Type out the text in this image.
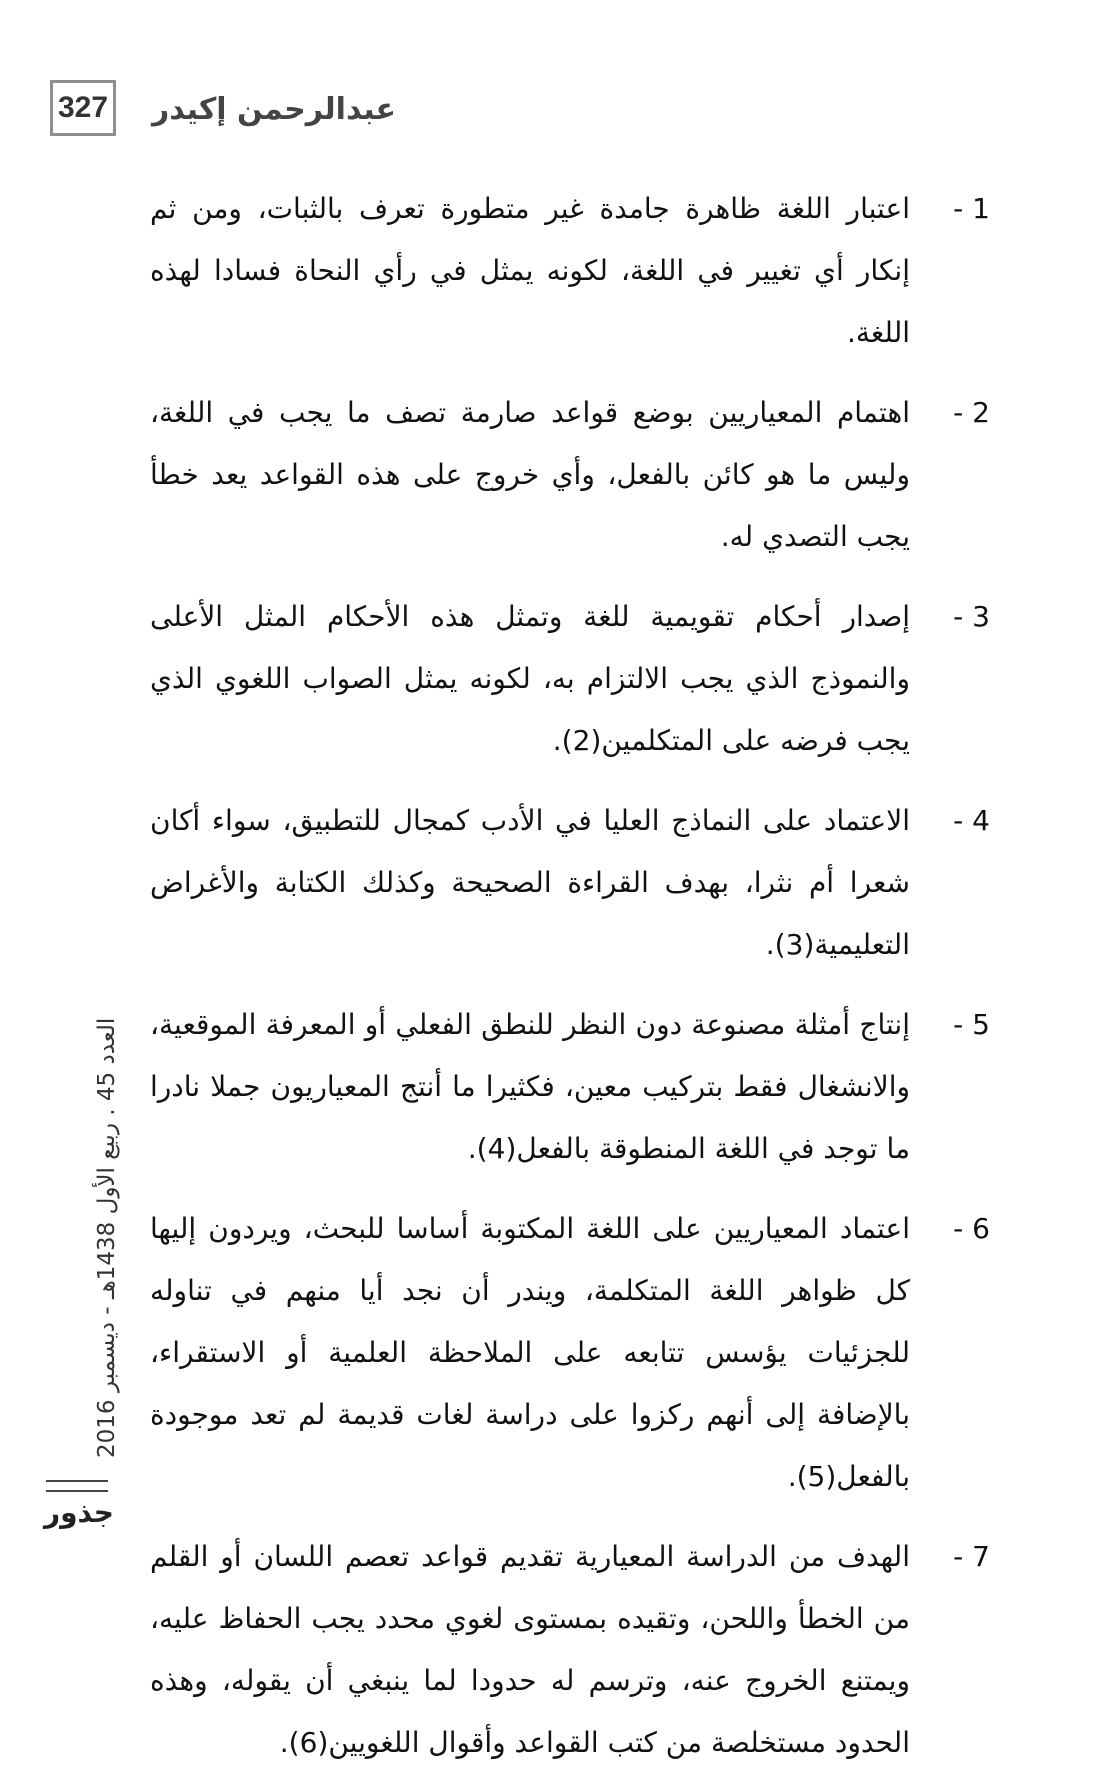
327 عبدالرحمن إكيدر
1 -
اعتبار اللغة ظاهرة جامدة غير متطورة تعرف بالثبات، ومن ثم إنكار أي تغيير في اللغة، لكونه يمثل في رأي النحاة فسادا لهذه اللغة.
2 -
اهتمام المعياريين بوضع قواعد صارمة تصف ما يجب في اللغة، وليس ما هو كائن بالفعل، وأي خروج على هذه القواعد يعد خطأ يجب التصدي له.
3 -
إصدار أحكام تقويمية للغة وتمثل هذه الأحكام المثل الأعلى والنموذج الذي يجب الالتزام به، لكونه يمثل الصواب اللغوي الذي يجب فرضه على المتكلمين(2).
4 -
الاعتماد على النماذج العليا في الأدب كمجال للتطبيق، سواء أكان شعرا أم نثرا، بهدف القراءة الصحيحة وكذلك الكتابة والأغراض التعليمية(3).
5 -
إنتاج أمثلة مصنوعة دون النظر للنطق الفعلي أو المعرفة الموقعية، والانشغال فقط بتركيب معين، فكثيرا ما أنتج المعياريون جملا نادرا ما توجد في اللغة المنطوقة بالفعل(4).
6 -
اعتماد المعياريين على اللغة المكتوبة أساسا للبحث، ويردون إليها كل ظواهر اللغة المتكلمة، ويندر أن نجد أيا منهم في تناوله للجزئيات يؤسس تتابعه على الملاحظة العلمية أو الاستقراء، بالإضافة إلى أنهم ركزوا على دراسة لغات قديمة لم تعد موجودة بالفعل(5).
7 -
الهدف من الدراسة المعيارية تقديم قواعد تعصم اللسان أو القلم من الخطأ واللحن، وتقيده بمستوى لغوي محدد يجب الحفاظ عليه، ويمتنع الخروج عنه، وترسم له حدودا لما ينبغي أن يقوله، وهذه الحدود مستخلصة من كتب القواعد وأقوال اللغويين(6).
العدد 45 . ربيع الأول 1438هـ - ديسمبر 2016
جذور
